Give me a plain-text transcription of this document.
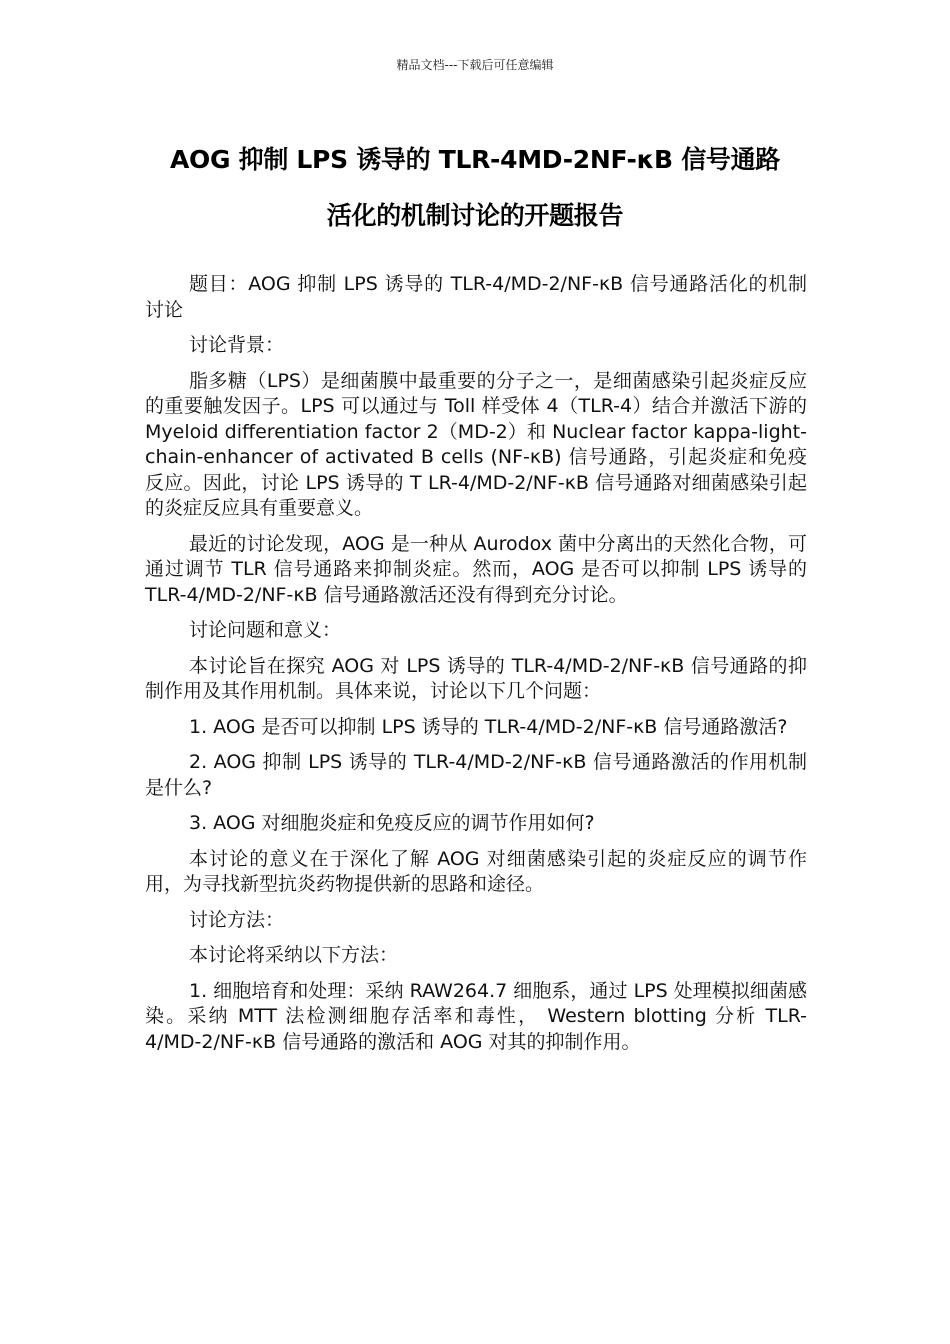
精品文档---下载后可任意编辑
AOG 抑制 LPS 诱导的 TLR-4MD-2NF-κB 信号通路
活化的机制讨论的开题报告

题目：AOG 抑制 LPS 诱导的 TLR-4/MD-2/NF-κB 信号通路活化的机制讨论

讨论背景：

脂多糖（LPS）是细菌膜中最重要的分子之一，是细菌感染引起炎症反应的重要触发因子。LPS 可以通过与 Toll 样受体 4（TLR-4）结合并激活下游的 Myeloid differentiation factor 2（MD-2）和 Nuclear factor kappa-light-chain-enhancer of activated B cells (NF-κB) 信号通路，引起炎症和免疫反应。因此，讨论 LPS 诱导的 T LR-4/MD-2/NF-κB 信号通路对细菌感染引起的炎症反应具有重要意义。

最近的讨论发现，AOG 是一种从 Aurodox 菌中分离出的天然化合物，可通过调节 TLR 信号通路来抑制炎症。然而，AOG 是否可以抑制 LPS 诱导的 TLR-4/MD-2/NF-κB 信号通路激活还没有得到充分讨论。

讨论问题和意义：

本讨论旨在探究 AOG 对 LPS 诱导的 TLR-4/MD-2/NF-κB 信号通路的抑制作用及其作用机制。具体来说，讨论以下几个问题：

1. AOG 是否可以抑制 LPS 诱导的 TLR-4/MD-2/NF-κB 信号通路激活?

2. AOG 抑制 LPS 诱导的 TLR-4/MD-2/NF-κB 信号通路激活的作用机制是什么?

3. AOG 对细胞炎症和免疫反应的调节作用如何?

本讨论的意义在于深化了解 AOG 对细菌感染引起的炎症反应的调节作用，为寻找新型抗炎药物提供新的思路和途径。

讨论方法：

本讨论将采纳以下方法：

1. 细胞培育和处理：采纳 RAW264.7 细胞系，通过 LPS 处理模拟细菌感染。采纳 MTT 法检测细胞存活率和毒性， Western blotting 分析 TLR-4/MD-2/NF-κB 信号通路的激活和 AOG 对其的抑制作用。
